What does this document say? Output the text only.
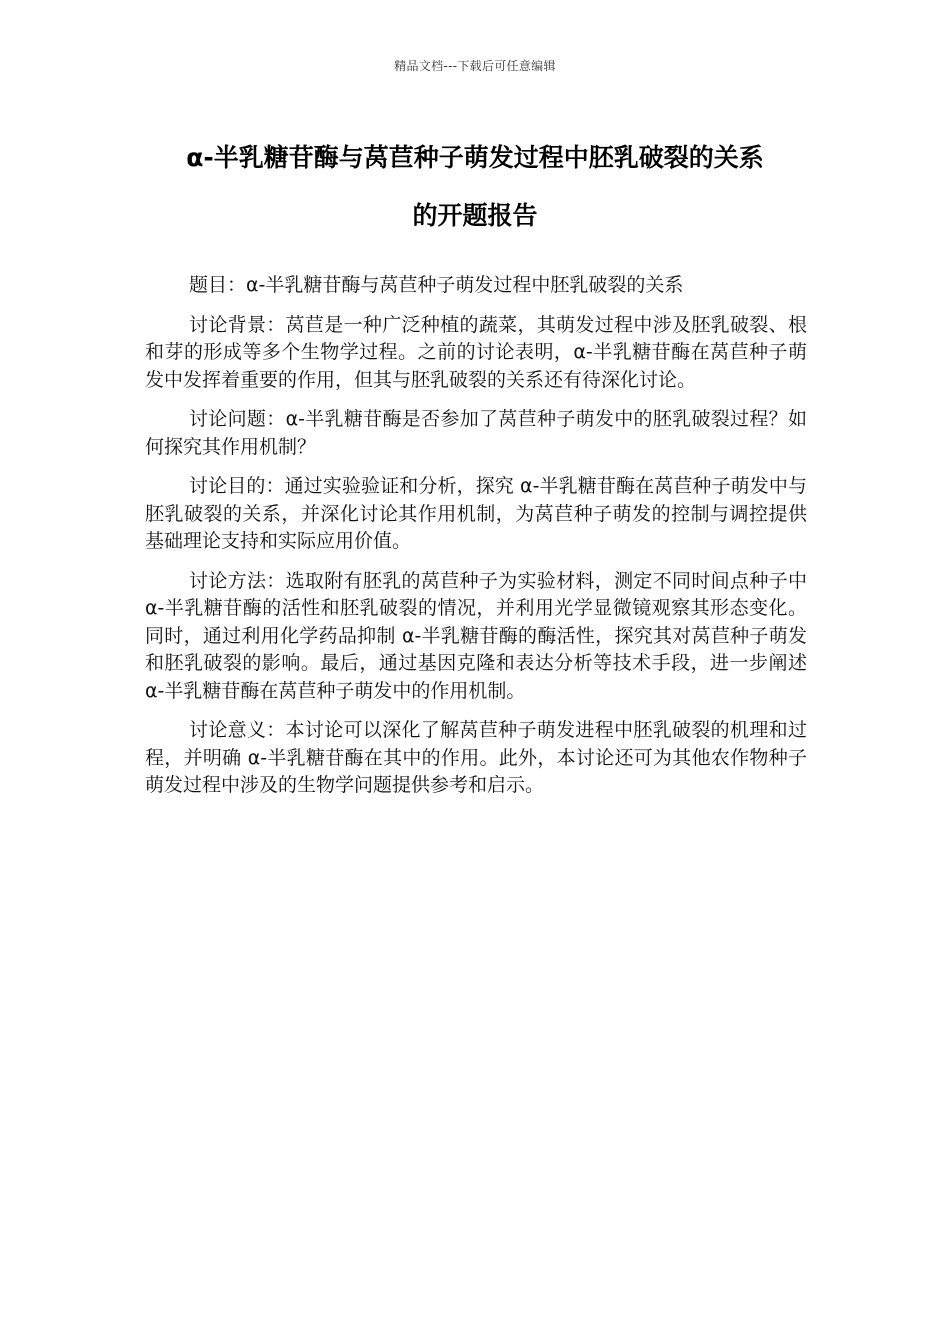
精品文档---下载后可任意编辑
α-半乳糖苷酶与莴苣种子萌发过程中胚乳破裂的关系
的开题报告

题目：α-半乳糖苷酶与莴苣种子萌发过程中胚乳破裂的关系

讨论背景：莴苣是一种广泛种植的蔬菜，其萌发过程中涉及胚乳破裂、根和芽的形成等多个生物学过程。之前的讨论表明，α-半乳糖苷酶在莴苣种子萌发中发挥着重要的作用，但其与胚乳破裂的关系还有待深化讨论。

讨论问题：α-半乳糖苷酶是否参加了莴苣种子萌发中的胚乳破裂过程？如何探究其作用机制？

讨论目的：通过实验验证和分析，探究 α-半乳糖苷酶在莴苣种子萌发中与胚乳破裂的关系，并深化讨论其作用机制，为莴苣种子萌发的控制与调控提供基础理论支持和实际应用价值。

讨论方法：选取附有胚乳的莴苣种子为实验材料，测定不同时间点种子中 α-半乳糖苷酶的活性和胚乳破裂的情况，并利用光学显微镜观察其形态变化。同时，通过利用化学药品抑制 α-半乳糖苷酶的酶活性，探究其对莴苣种子萌发和胚乳破裂的影响。最后，通过基因克隆和表达分析等技术手段，进一步阐述 α-半乳糖苷酶在莴苣种子萌发中的作用机制。

讨论意义：本讨论可以深化了解莴苣种子萌发进程中胚乳破裂的机理和过程，并明确 α-半乳糖苷酶在其中的作用。此外，本讨论还可为其他农作物种子萌发过程中涉及的生物学问题提供参考和启示。
